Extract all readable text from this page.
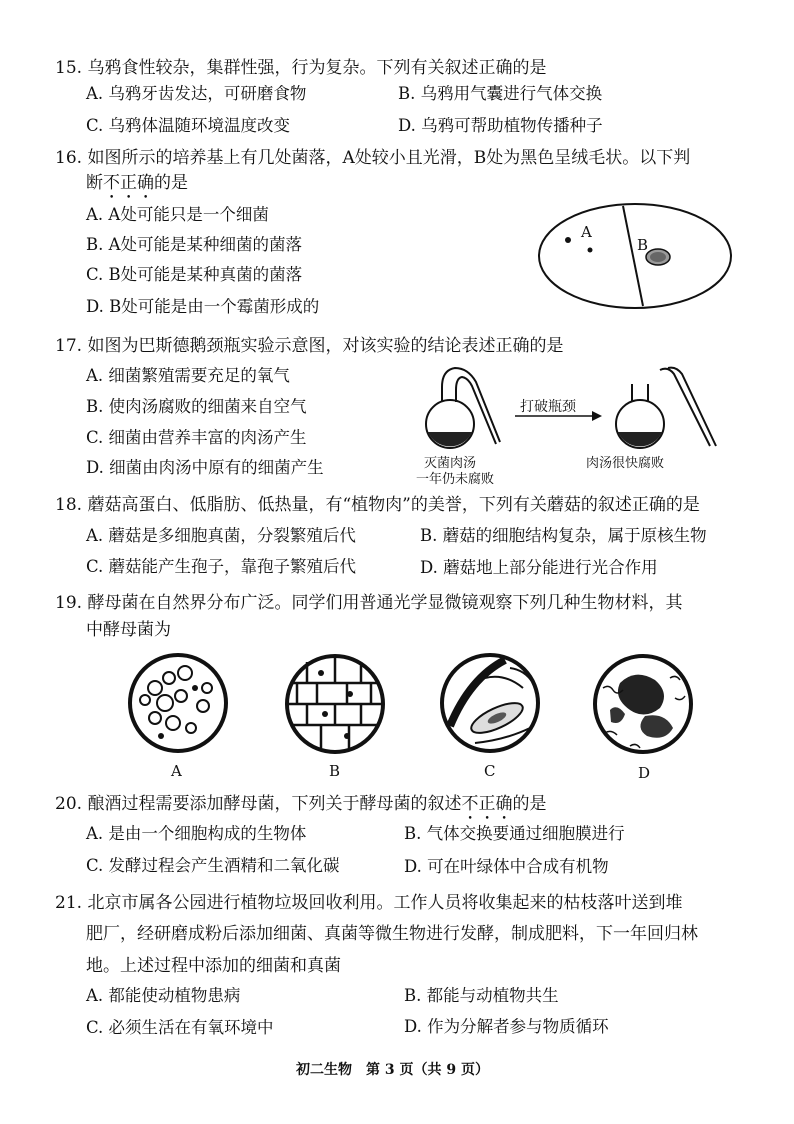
15. 乌鸦食性较杂，集群性强，行为复杂。下列有关叙述正确的是
A. 乌鸦牙齿发达，可研磨食物	B. 乌鸦用气囊进行气体交换
C. 乌鸦体温随环境温度改变	D. 乌鸦可帮助植物传播种子
16. 如图所示的培养基上有几处菌落，A处较小且光滑，B处为黑色呈绒毛状。以下判
断不正确的是
A. A处可能只是一个细菌
B. A处可能是某种细菌的菌落
C. B处可能是某种真菌的菌落
D. B处可能是由一个霉菌形成的
A
B
17. 如图为巴斯德鹅颈瓶实验示意图，对该实验的结论表述正确的是
A. 细菌繁殖需要充足的氧气
B. 使肉汤腐败的细菌来自空气
C. 细菌由营养丰富的肉汤产生
D. 细菌由肉汤中原有的细菌产生
打破瓶颈
灭菌肉汤
一年仍未腐败
肉汤很快腐败
18. 蘑菇高蛋白、低脂肪、低热量，有“植物肉”的美誉，下列有关蘑菇的叙述正确的是
A. 蘑菇是多细胞真菌，分裂繁殖后代	B. 蘑菇的细胞结构复杂，属于原核生物
C. 蘑菇能产生孢子，靠孢子繁殖后代	D. 蘑菇地上部分能进行光合作用
19. 酵母菌在自然界分布广泛。同学们用普通光学显微镜观察下列几种生物材料，其
中酵母菌为
A	B	C	D
20. 酿酒过程需要添加酵母菌，下列关于酵母菌的叙述不正确的是
A. 是由一个细胞构成的生物体	B. 气体交换要通过细胞膜进行
C. 发酵过程会产生酒精和二氧化碳	D. 可在叶绿体中合成有机物
21. 北京市属各公园进行植物垃圾回收利用。工作人员将收集起来的枯枝落叶送到堆
肥厂，经研磨成粉后添加细菌、真菌等微生物进行发酵，制成肥料，下一年回归林
地。上述过程中添加的细菌和真菌
A. 都能使动植物患病	B. 都能与动植物共生
C. 必须生活在有氧环境中	D. 作为分解者参与物质循环
初二生物　第 3 页（共 9 页）
